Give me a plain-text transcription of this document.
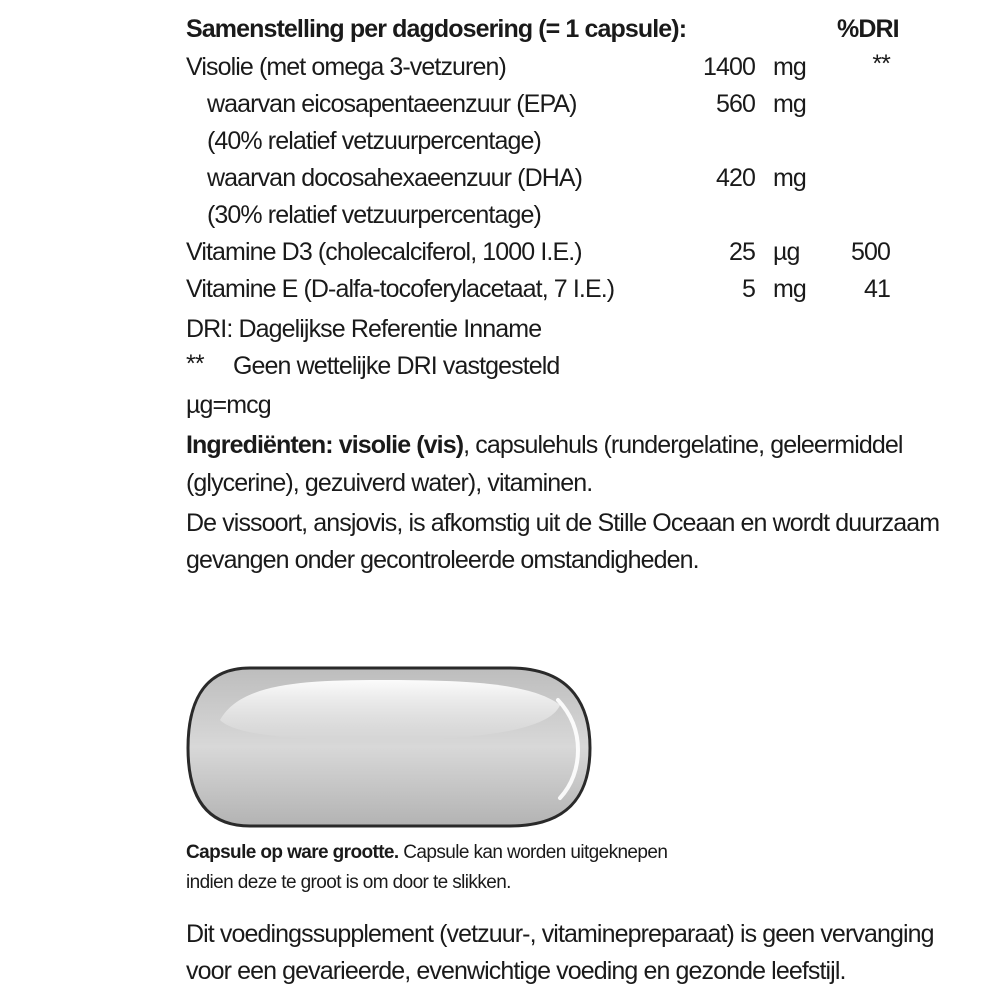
Samenstelling per dagdosering (= 1 capsule):	%DRI
Visolie (met omega 3-vetzuren)	1400 mg	**
waarvan eicosapentaeenzuur (EPA)	560 mg
(40% relatief vetzuurpercentage)
waarvan docosahexaeenzuur (DHA)	420 mg
(30% relatief vetzuurpercentage)
Vitamine D3 (cholecalciferol, 1000 I.E.)	25 µg 500
Vitamine E (D-alfa-tocoferylacetaat, 7 I.E.)	5 mg 41
DRI: Dagelijkse Referentie Inname
** Geen wettelijke DRI vastgesteld
µg=mcg
Ingrediënten: visolie (vis), capsulehuls (rundergelatine, geleermiddel
(glycerine), gezuiverd water), vitaminen.
De vissoort, ansjovis, is afkomstig uit de Stille Oceaan en wordt duurzaam
gevangen onder gecontroleerde omstandigheden.
Capsule op ware grootte. Capsule kan worden uitgeknepen
indien deze te groot is om door te slikken.
Dit voedingssupplement (vetzuur-, vitaminepreparaat) is geen vervanging
voor een gevarieerde, evenwichtige voeding en gezonde leefstijl.
